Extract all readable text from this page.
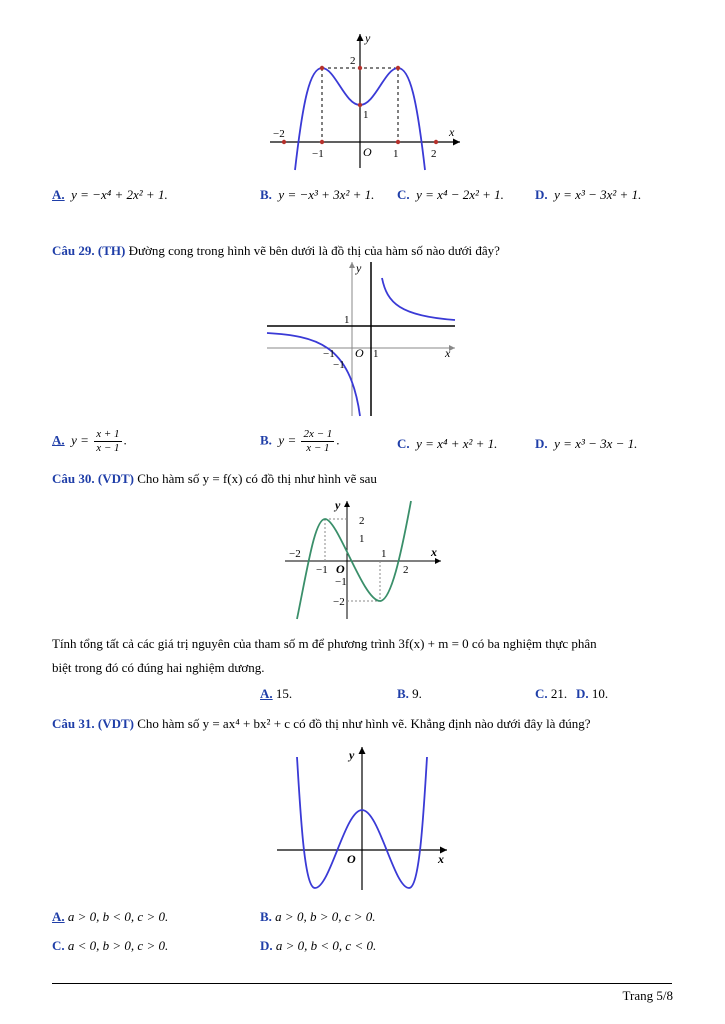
x
y
O
−2
−1	1	2
2
1
A. y = −x⁴ + 2x² + 1.	B. y = −x³ + 3x² + 1. C. y = x⁴ − 2x² + 1. D. y = x³ − 3x² + 1.
Câu 29. (TH) Đường cong trong hình vẽ bên dưới là đồ thị của hàm số nào dưới đây?
x
y
O 1
−1
1
−1
A. $y = \frac{x + 1}{x - 1}$ .	B. $y = \frac{2x - 1}{x - 1}$ .	C. y = x⁴ + x² + 1.	D. y = x³ − 3x − 1.
Câu 30. (VDT) Cho hàm số y = f(x) có đồ thị như hình vẽ sau
x
y
O
−2
−1
1
2
2
1
−1
−2
Tính tổng tất cả các giá trị nguyên của tham số m để phương trình 3f(x) + m = 0 có ba nghiệm thực phân
biệt trong đó có đúng hai nghiệm dương.
A. 15.	B. 9.	C. 21. D. 10.
Câu 31. (VDT) Cho hàm số y = ax⁴ + bx² + c có đồ thị như hình vẽ. Khẳng định nào dưới đây là đúng?
x
y
O
A. a > 0, b < 0, c > 0.	B. a > 0, b > 0, c > 0.
C. a < 0, b > 0, c > 0.	D. a > 0, b < 0, c < 0.
Trang 5/8
